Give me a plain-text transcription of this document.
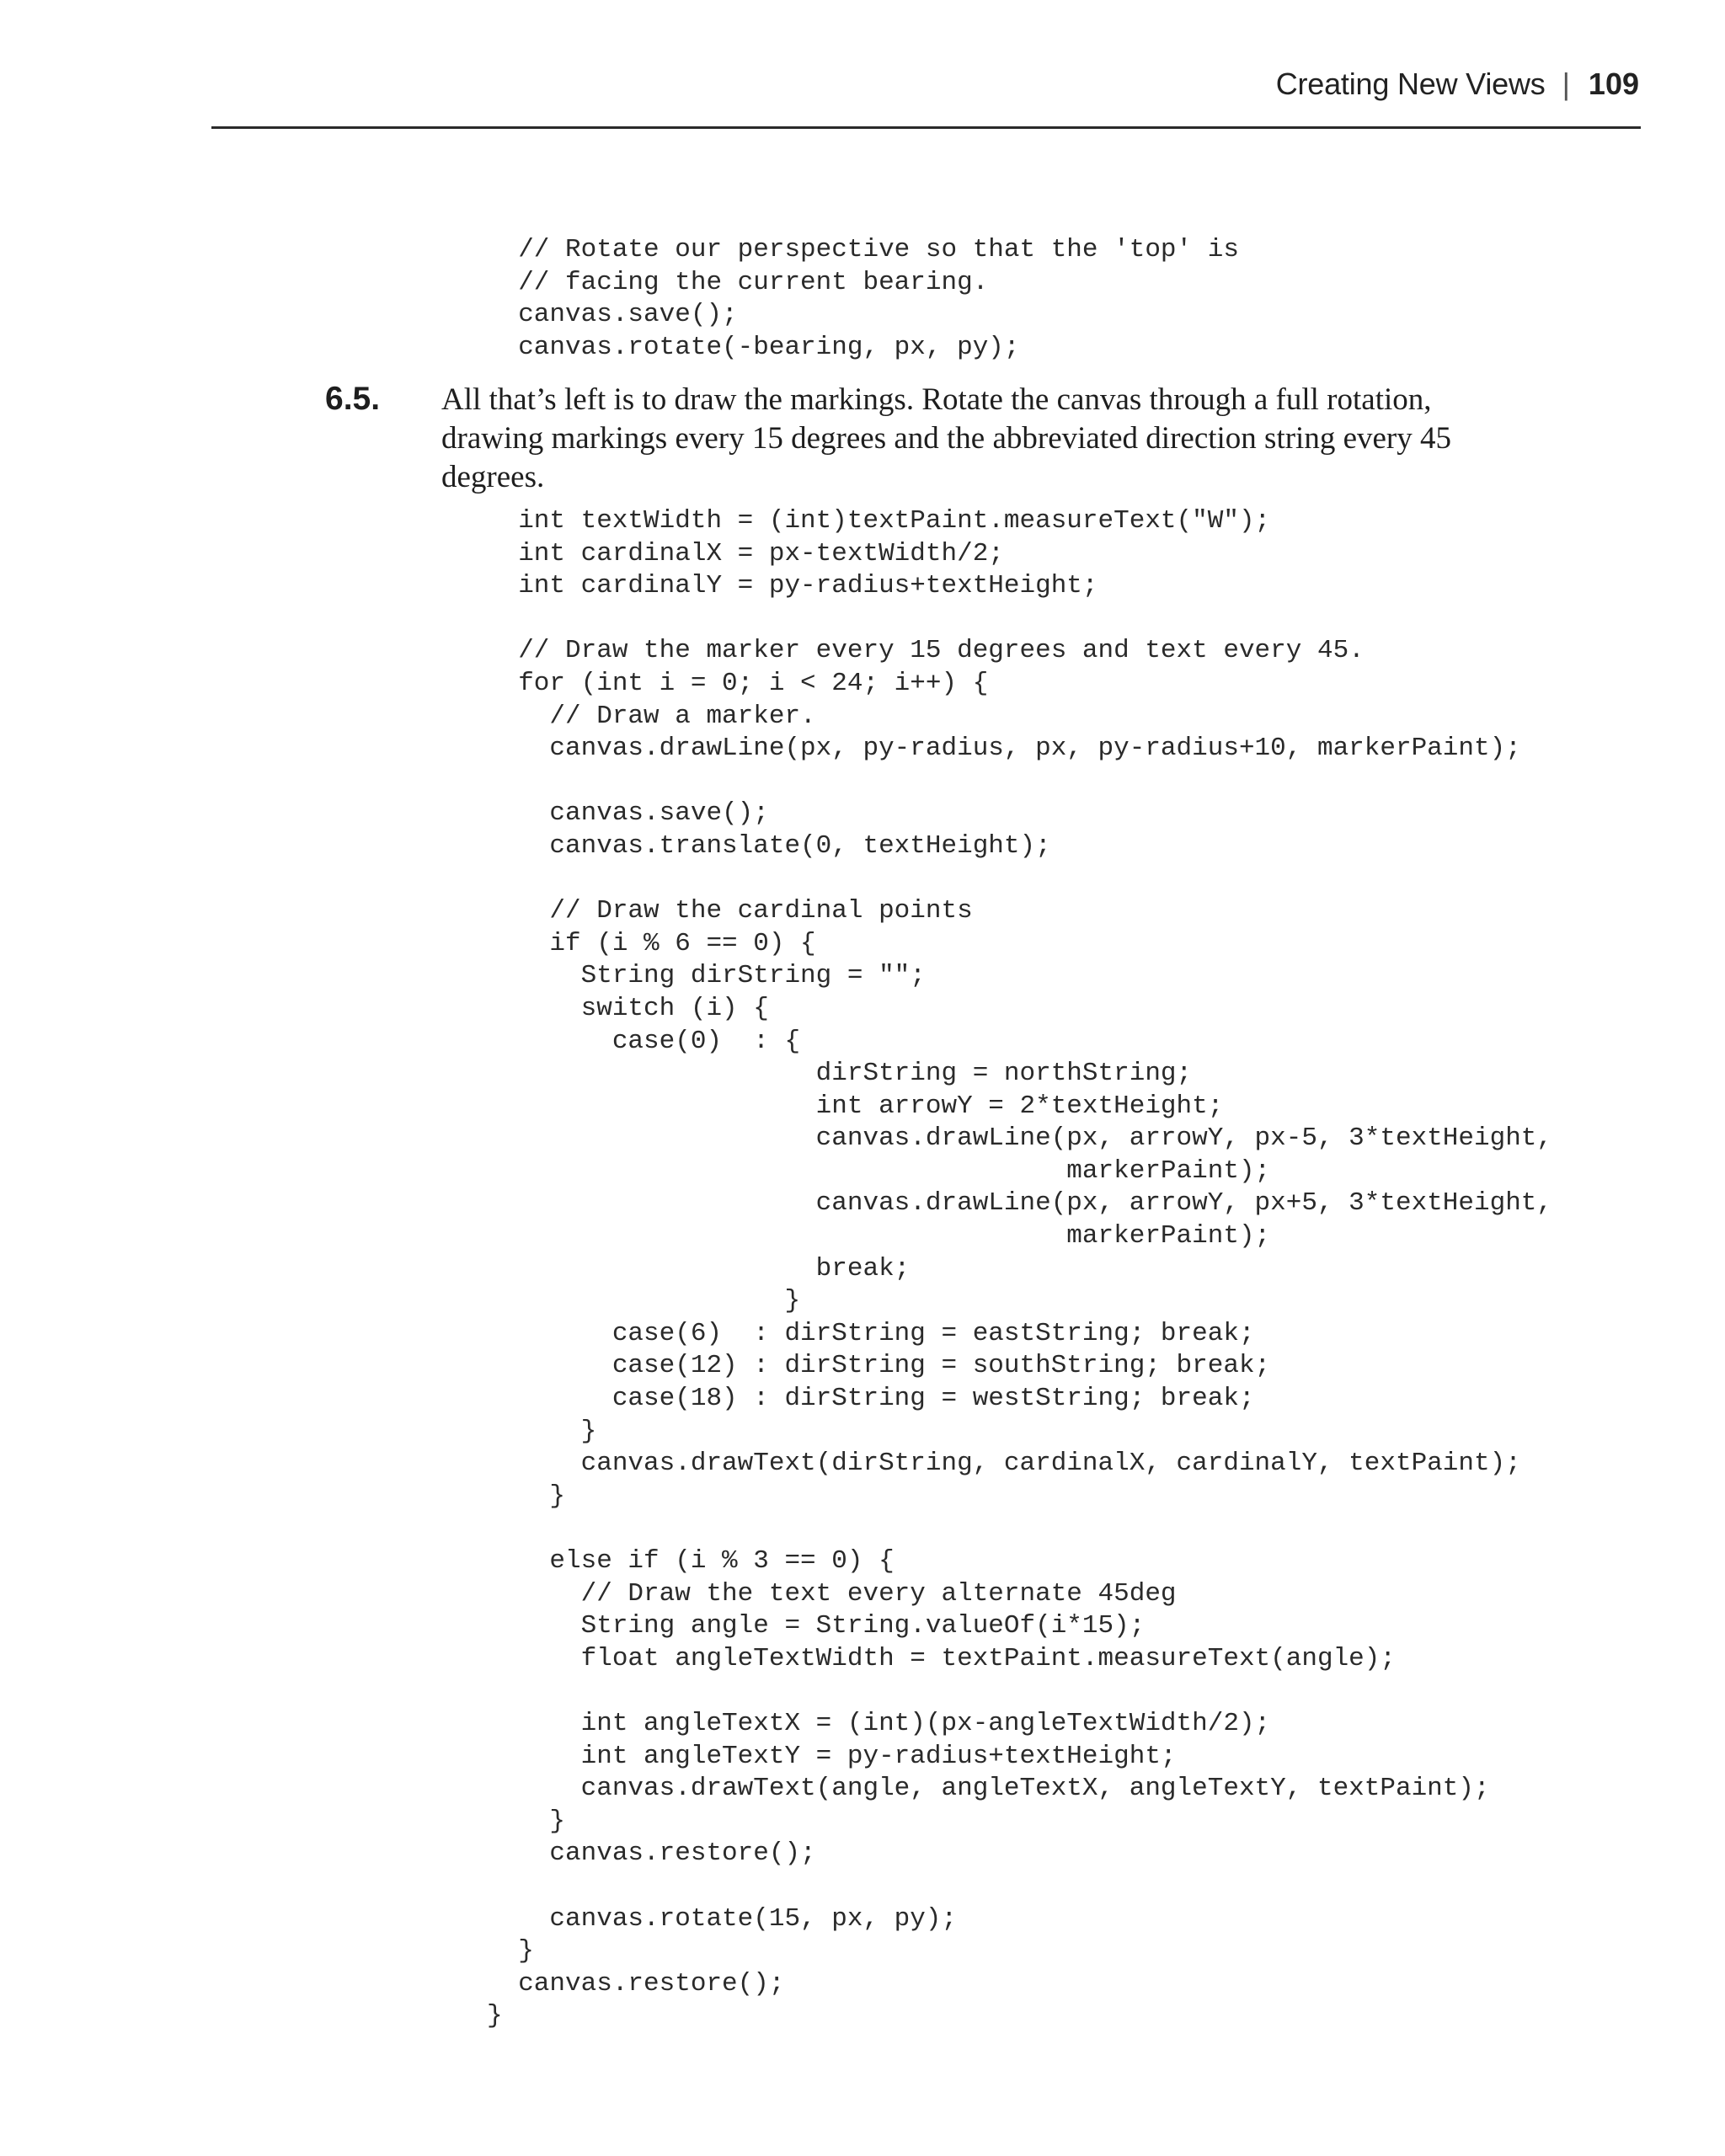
Creating New Views | 109
// Rotate our perspective so that the 'top' is
// facing the current bearing.
canvas.save();
canvas.rotate(-bearing, px, py);
6.5. All that’s left is to draw the markings. Rotate the canvas through a full rotation, drawing markings every 15 degrees and the abbreviated direction string every 45 degrees.
int textWidth = (int)textPaint.measureText("W");
int cardinalX = px-textWidth/2;
int cardinalY = py-radius+textHeight;

// Draw the marker every 15 degrees and text every 45.
for (int i = 0; i < 24; i++) {
// Draw a marker.
canvas.drawLine(px, py-radius, px, py-radius+10, markerPaint);

canvas.save();
canvas.translate(0, textHeight);

// Draw the cardinal points
if (i % 6 == 0) {
String dirString = "";
switch (i) {
case(0)  : {
dirString = northString;
int arrowY = 2*textHeight;
canvas.drawLine(px, arrowY, px-5, 3*textHeight,
markerPaint);
canvas.drawLine(px, arrowY, px+5, 3*textHeight,
markerPaint);
break;
}
case(6)  : dirString = eastString; break;
case(12) : dirString = southString; break;
case(18) : dirString = westString; break;
}
canvas.drawText(dirString, cardinalX, cardinalY, textPaint);
}

else if (i % 3 == 0) {
// Draw the text every alternate 45deg
String angle = String.valueOf(i*15);
float angleTextWidth = textPaint.measureText(angle);

int angleTextX = (int)(px-angleTextWidth/2);
int angleTextY = py-radius+textHeight;
canvas.drawText(angle, angleTextX, angleTextY, textPaint);
}
canvas.restore();

canvas.rotate(15, px, py);
}
canvas.restore();
}
